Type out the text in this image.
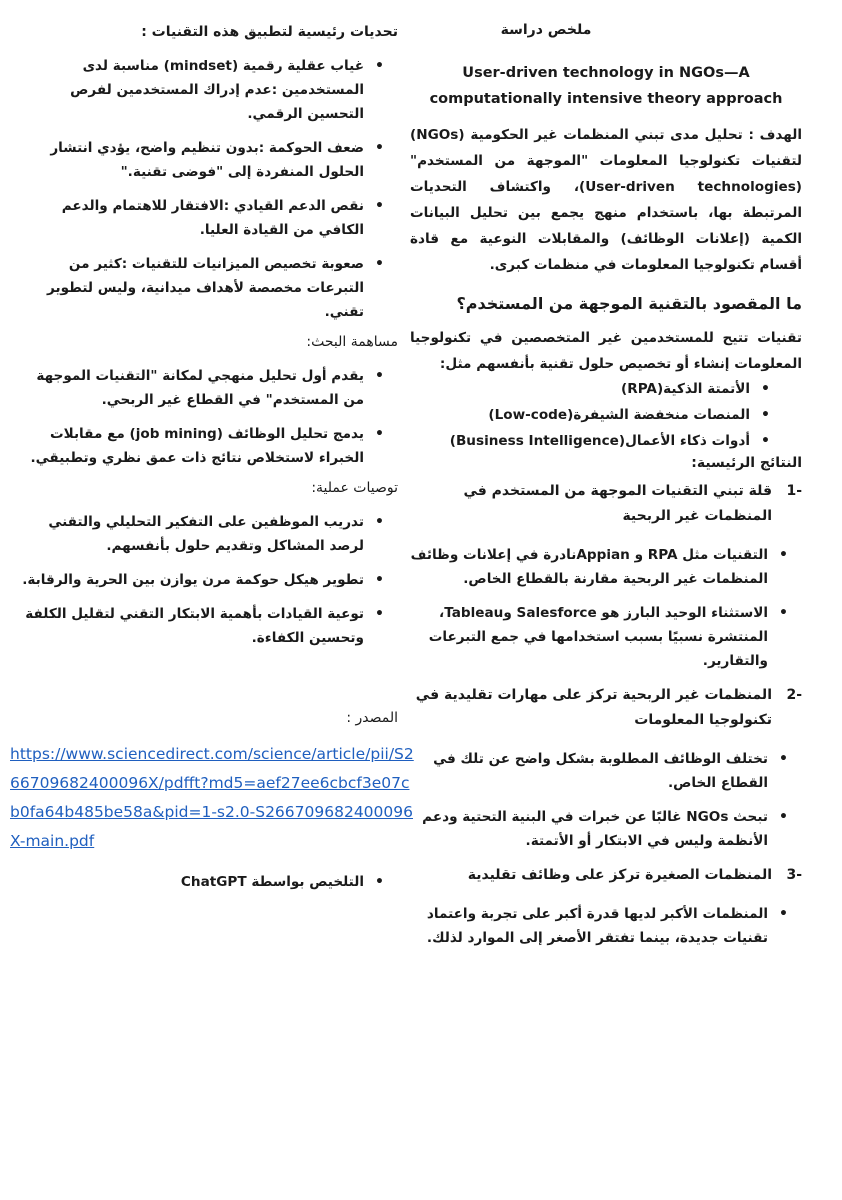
ملخص دراسة
User-driven technology in NGOs—A computationally intensive theory approach

الهدف : تحليل مدى تبني المنظمات غير الحكومية (NGOs) لتقنيات تكنولوجيا المعلومات "الموجهة من المستخدم" (User-driven technologies)، واكتشاف التحديات المرتبطة بها، باستخدام منهج يجمع بين تحليل البيانات الكمية (إعلانات الوظائف) والمقابلات النوعية مع قادة أقسام تكنولوجيا المعلومات في منظمات كبرى.

ما المقصود بالتقنية الموجهة من المستخدم؟

تقنيات تتيح للمستخدمين غير المتخصصين في تكنولوجيا المعلومات إنشاء أو تخصيص حلول تقنية بأنفسهم مثل:

• الأتمتة الذكية(RPA)
• المنصات منخفضة الشيفرة(Low-code)
• أدوات ذكاء الأعمال(Business Intelligence)
النتائج الرئيسية:
-1
قلة تبني التقنيات الموجهة من المستخدم في المنظمات غير الربحية
• التقنيات مثل RPA و Appianنادرة في إعلانات وظائف المنظمات غير الربحية مقارنة بالقطاع الخاص.
• الاستثناء الوحيد البارز هو Salesforce وTableau، المنتشرة نسبيًا بسبب استخدامها في جمع التبرعات والتقارير.
-2
المنظمات غير الربحية تركز على مهارات تقليدية في تكنولوجيا المعلومات
• تختلف الوظائف المطلوبة بشكل واضح عن تلك في القطاع الخاص.
• تبحث NGOs غالبًا عن خبرات في البنية التحتية ودعم الأنظمة وليس في الابتكار أو الأتمتة.
-3
المنظمات الصغيرة تركز على وظائف تقليدية
• المنظمات الأكبر لديها قدرة أكبر على تجربة واعتماد تقنيات جديدة، بينما تفتقر الأصغر إلى الموارد لذلك.
تحديات رئيسية لتطبيق هذه التقنيات :
• غياب عقلية رقمية (mindset) مناسبة لدى المستخدمين :عدم إدراك المستخدمين لفرص التحسين الرقمي.
• ضعف الحوكمة :بدون تنظيم واضح، يؤدي انتشار الحلول المنفردة إلى "فوضى تقنية."
• نقص الدعم القيادي :الافتقار للاهتمام والدعم الكافي من القيادة العليا.
• صعوبة تخصيص الميزانيات للتقنيات :كثير من التبرعات مخصصة لأهداف ميدانية، وليس لتطوير تقني.
مساهمة البحث:
• يقدم أول تحليل منهجي لمكانة "التقنيات الموجهة من المستخدم" في القطاع غير الربحي.
• يدمج تحليل الوظائف (job mining) مع مقابلات الخبراء لاستخلاص نتائج ذات عمق نظري وتطبيقي.
توصيات عملية:
• تدريب الموظفين على التفكير التحليلي والتقني لرصد المشاكل وتقديم حلول بأنفسهم.
• تطوير هيكل حوكمة مرن يوازن بين الحرية والرقابة.
• توعية القيادات بأهمية الابتكار التقني لتقليل الكلفة وتحسين الكفاءة.
المصدر :
https://www.sciencedirect.com/science/article/pii/S266709682400096X/pdfft?md5=aef27ee6cbcf3e07cb0fa64b485be58a&pid=1-s2.0-S266709682400096X-main.pdf
• التلخيص بواسطة ChatGPT
